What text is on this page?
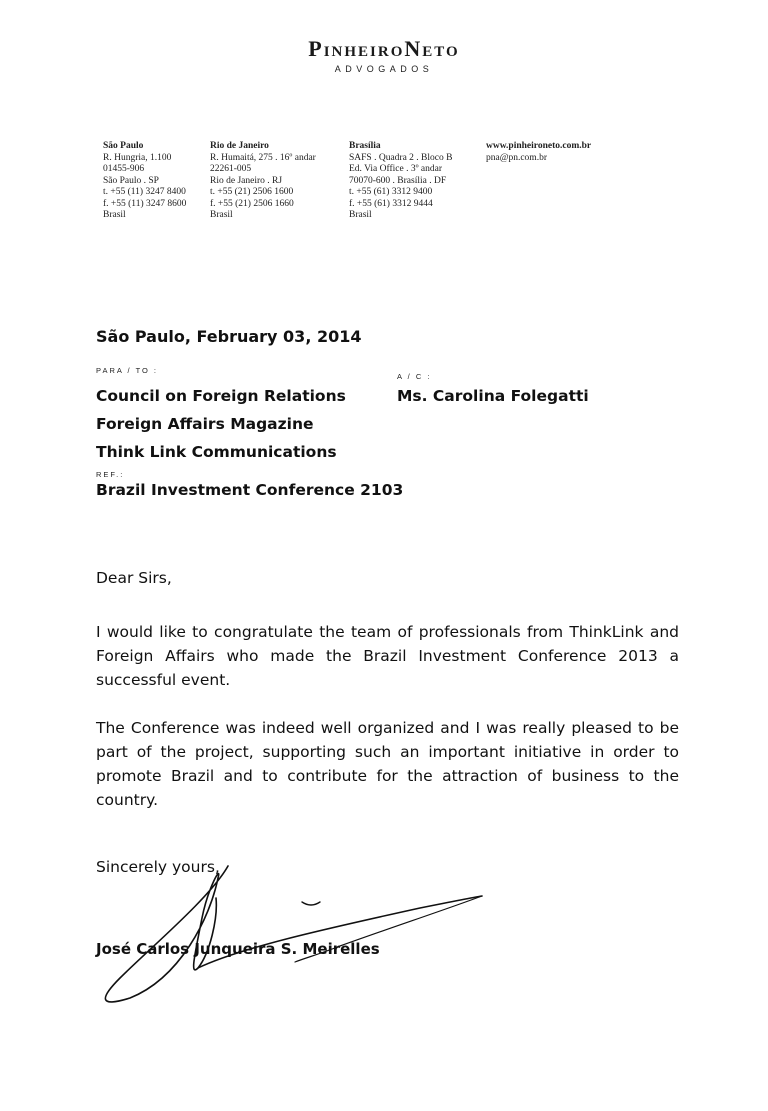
PinheiroNeto
ADVOGADOS
São Paulo
R. Hungria, 1.100
01455-906
São Paulo . SP
t. +55 (11) 3247 8400
f. +55 (11) 3247 8600
Brasil
Rio de Janeiro
R. Humaitá, 275 . 16º andar
22261-005
Rio de Janeiro . RJ
t. +55 (21) 2506 1600
f. +55 (21) 2506 1660
Brasil
Brasília
SAFS . Quadra 2 . Bloco B
Ed. Via Office . 3º andar
70070-600 . Brasília . DF
t. +55 (61) 3312 9400
f. +55 (61) 3312 9444
Brasil
www.pinheironeto.com.br
pna@pn.com.br
São Paulo, February 03, 2014
PARA / TO :
A / C :
Council on Foreign Relations
Foreign Affairs Magazine
Think Link Communications
Ms. Carolina Folegatti
REF.:
Brazil Investment Conference 2103
Dear Sirs,
I would like to congratulate the team of professionals from ThinkLink and Foreign Affairs who made the Brazil Investment Conference 2013 a successful event.
The Conference was indeed well organized and I was really pleased to be part of the project, supporting such an important initiative in order to promote Brazil and to contribute for the attraction of business to the country.
Sincerely yours,
José Carlos Junqueira S. Meirelles
